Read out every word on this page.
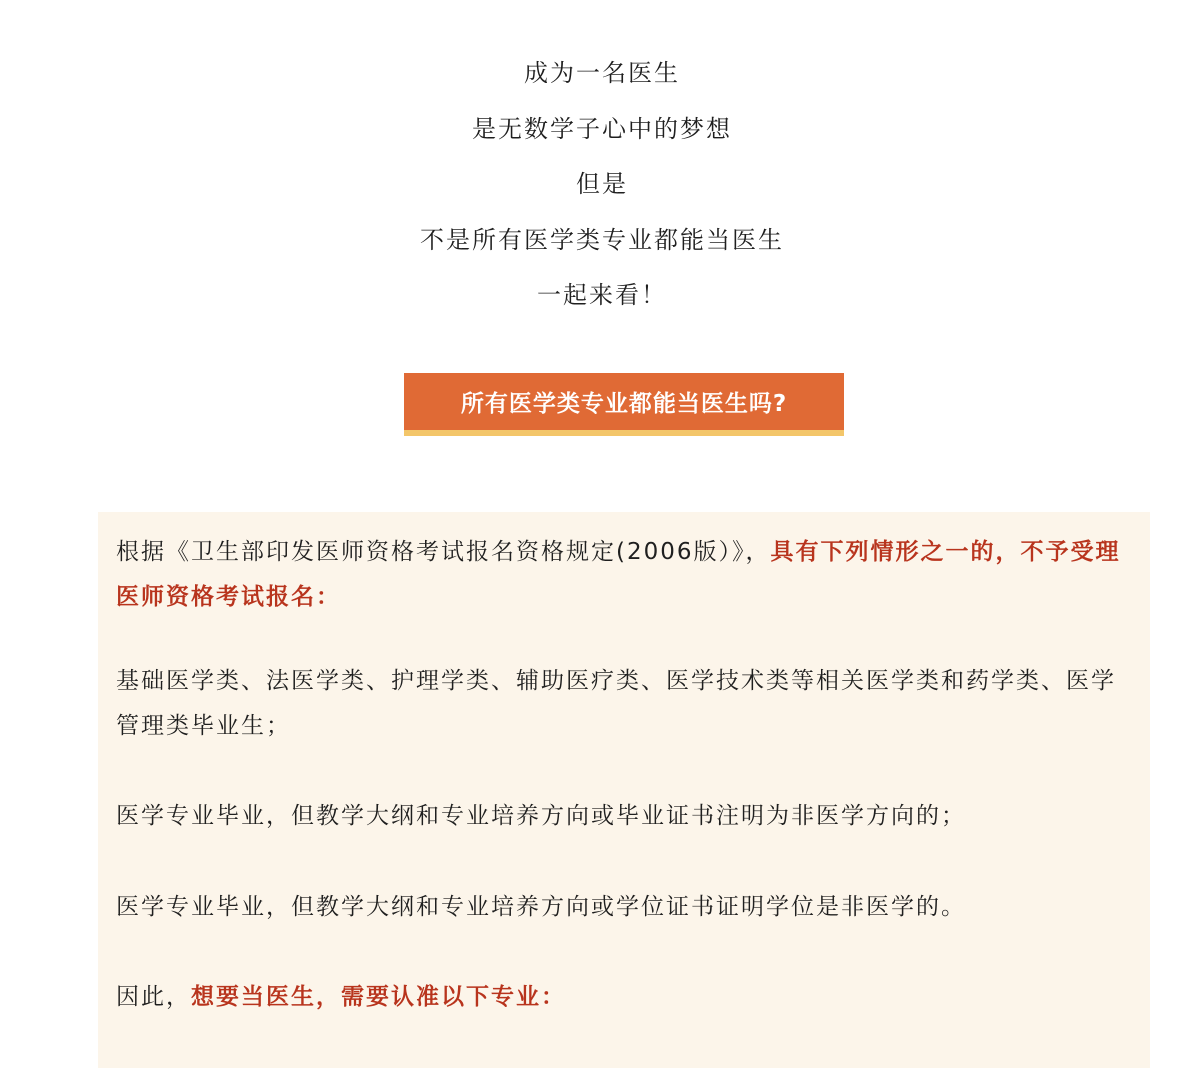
成为一名医生
是无数学子心中的梦想
但是
不是所有医学类专业都能当医生
一起来看！
所有医学类专业都能当医生吗?
根据《卫生部印发医师资格考试报名资格规定(2006版）》，具有下列情形之一的，不予受理医师资格考试报名：
基础医学类、法医学类、护理学类、辅助医疗类、医学技术类等相关医学类和药学类、医学管理类毕业生；
医学专业毕业，但教学大纲和专业培养方向或毕业证书注明为非医学方向的；
医学专业毕业，但教学大纲和专业培养方向或学位证书证明学位是非医学的。
因此，想要当医生，需要认准以下专业：
